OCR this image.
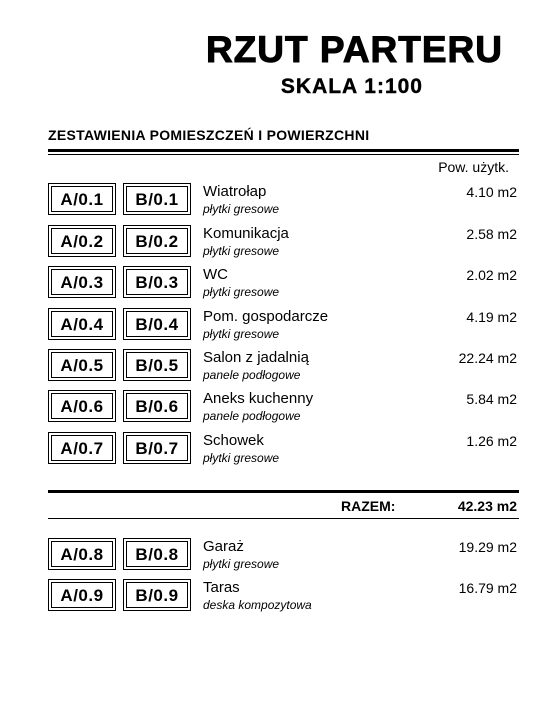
RZUT PARTERU
SKALA 1:100
ZESTAWIENIA POMIESZCZEŃ I POWIERZCHNI
Pow. użytk.
A/0.1	B/0.1	Wiatrołap
płytki gresowe
4.10 m2
A/0.2	B/0.2	Komunikacja
płytki gresowe
2.58 m2
A/0.3	B/0.3	WC
płytki gresowe
2.02 m2
A/0.4	B/0.4	Pom. gospodarcze
płytki gresowe
4.19 m2
A/0.5	B/0.5	Salon z jadalnią
panele podłogowe
22.24 m2
A/0.6	B/0.6	Aneks kuchenny
panele podłogowe
5.84 m2
A/0.7	B/0.7	Schowek
płytki gresowe
1.26 m2
RAZEM:	42.23 m2
A/0.8	B/0.8	Garaż
płytki gresowe
19.29 m2
A/0.9	B/0.9	Taras
deska kompozytowa
16.79 m2
